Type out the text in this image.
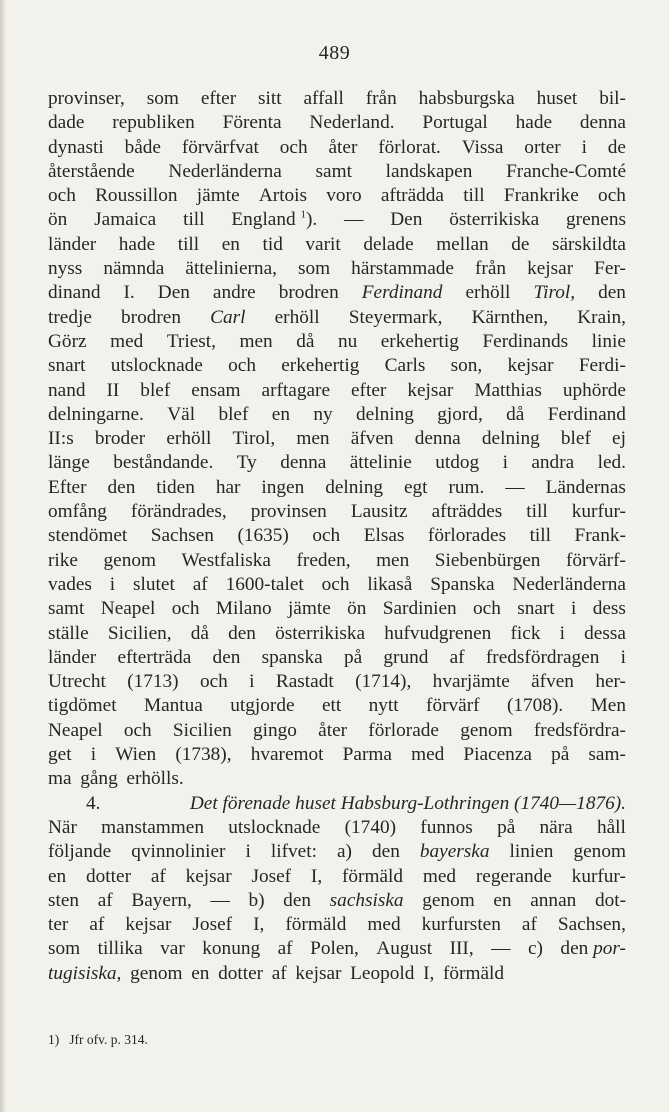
489
provinser, som efter sitt affall från habsburgska huset bil-
dade republiken Förenta Nederland. Portugal hade denna
dynasti både förvärfvat och åter förlorat. Vissa orter i de
återstående Nederländerna samt landskapen Franche-Comté
och Roussillon jämte Artois voro afträdda till Frankrike och
ön Jamaica till England $^1$). — Den österrikiska grenens
länder hade till en tid varit delade mellan de särskildta
nyss nämnda ättelinierna, som härstammade från kejsar Fer-
dinand I. Den andre brodren Ferdinand erhöll Tirol, den
tredje brodren Carl erhöll Steyermark, Kärnthen, Krain,
Görz med Triest, men då nu erkehertig Ferdinands linie
snart utslocknade och erkehertig Carls son, kejsar Ferdi-
nand II blef ensam arftagare efter kejsar Matthias uphörde
delningarne. Väl blef en ny delning gjord, då Ferdinand
II:s broder erhöll Tirol, men äfven denna delning blef ej
länge beståndande. Ty denna ättelinie utdog i andra led.
Efter den tiden har ingen delning egt rum. — Ländernas
omfång förändrades, provinsen Lausitz afträddes till kurfur-
stendömet Sachsen (1635) och Elsas förlorades till Frank-
rike genom Westfaliska freden, men Siebenbürgen förvärf-
vades i slutet af 1600-talet och likaså Spanska Nederländerna
samt Neapel och Milano jämte ön Sardinien och snart i dess
ställe Sicilien, då den österrikiska hufvudgrenen fick i dessa
länder efterträda den spanska på grund af fredsfördragen i
Utrecht (1713) och i Rastadt (1714), hvarjämte äfven her-
tigdömet Mantua utgjorde ett nytt förvärf (1708). Men
Neapel och Sicilien gingo åter förlorade genom fredsfördra-
get i Wien (1738), hvaremot Parma med Piacenza på sam-
ma gång erhölls.
4.	Det förenade huset Habsburg-Lothringen (1740—1876).
När manstammen utslocknade (1740) funnos på nära håll
följande qvinnolinier i lifvet: a) den bayerska linien genom
en dotter af kejsar Josef I, förmäld med regerande kurfur-
sten af Bayern, — b) den sachsiska genom en annan dot-
ter af kejsar Josef I, förmäld med kurfursten af Sachsen,
som tillika var konung af Polen, August III, — c) den por-
tugisiska, genom en dotter af kejsar Leopold I, förmäld
1) Jfr ofv. p. 314.
